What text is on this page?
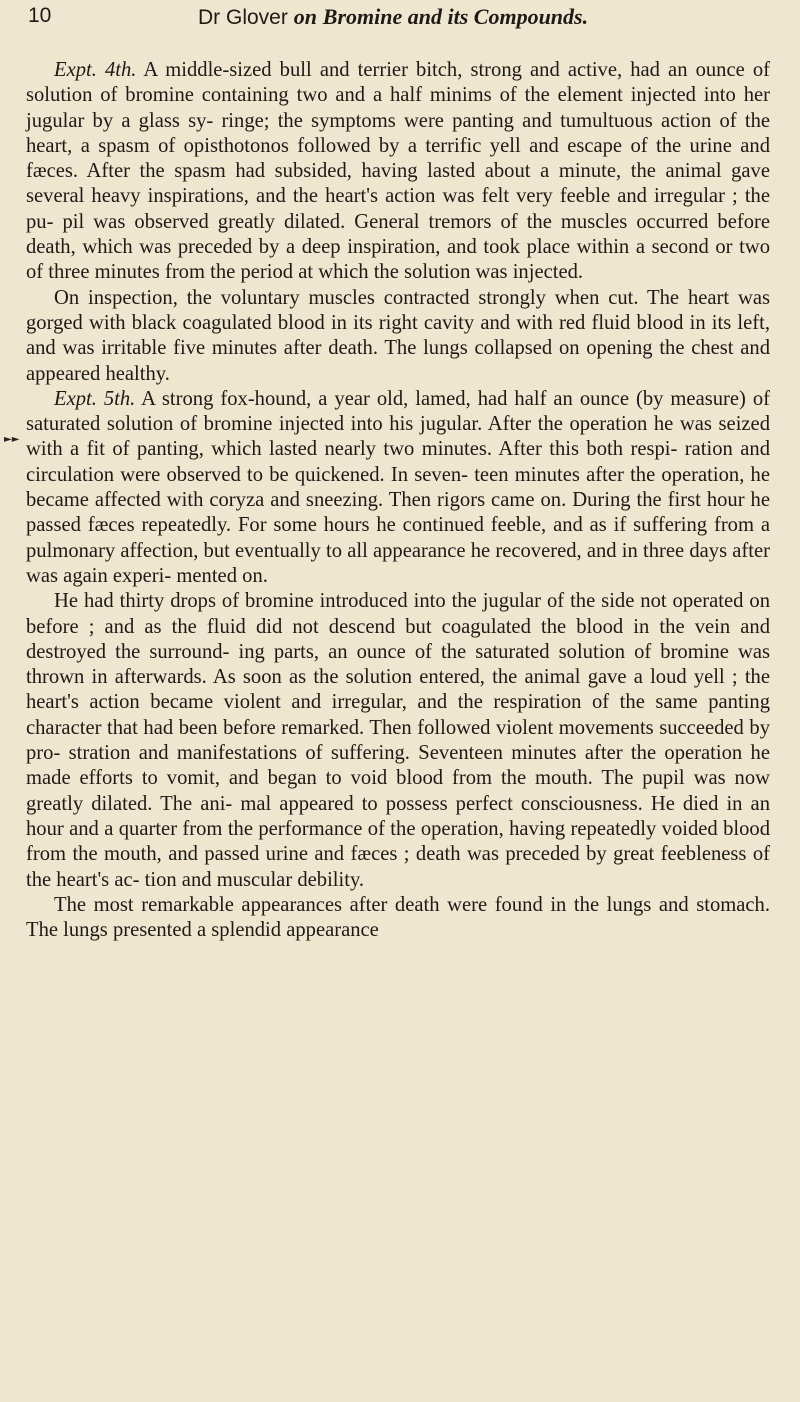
10	Dr Glover on Bromine and its Compounds.
►►

Expt. 4th. A middle-sized bull and terrier bitch, strong and active, had an ounce of solution of bromine containing two and a half minims of the element injected into her jugular by a glass sy- ringe; the symptoms were panting and tumultuous action of the heart, a spasm of opisthotonos followed by a terrific yell and escape of the urine and fæces. After the spasm had subsided, having lasted about a minute, the animal gave several heavy inspirations, and the heart's action was felt very feeble and irregular ; the pu- pil was observed greatly dilated. General tremors of the muscles occurred before death, which was preceded by a deep inspiration, and took place within a second or two of three minutes from the period at which the solution was injected.

On inspection, the voluntary muscles contracted strongly when cut. The heart was gorged with black coagulated blood in its right cavity and with red fluid blood in its left, and was irritable five minutes after death. The lungs collapsed on opening the chest and appeared healthy.

Expt. 5th. A strong fox-hound, a year old, lamed, had half an ounce (by measure) of saturated solution of bromine injected into his jugular. After the operation he was seized with a fit of panting, which lasted nearly two minutes. After this both respi- ration and circulation were observed to be quickened. In seven- teen minutes after the operation, he became affected with coryza and sneezing. Then rigors came on. During the first hour he passed fæces repeatedly. For some hours he continued feeble, and as if suffering from a pulmonary affection, but eventually to all appearance he recovered, and in three days after was again experi- mented on.

He had thirty drops of bromine introduced into the jugular of the side not operated on before ; and as the fluid did not descend but coagulated the blood in the vein and destroyed the surround- ing parts, an ounce of the saturated solution of bromine was thrown in afterwards. As soon as the solution entered, the animal gave a loud yell ; the heart's action became violent and irregular, and the respiration of the same panting character that had been before remarked. Then followed violent movements succeeded by pro- stration and manifestations of suffering. Seventeen minutes after the operation he made efforts to vomit, and began to void blood from the mouth. The pupil was now greatly dilated. The ani- mal appeared to possess perfect consciousness. He died in an hour and a quarter from the performance of the operation, having repeatedly voided blood from the mouth, and passed urine and fæces ; death was preceded by great feebleness of the heart's ac- tion and muscular debility.

The most remarkable appearances after death were found in the lungs and stomach. The lungs presented a splendid appearance
